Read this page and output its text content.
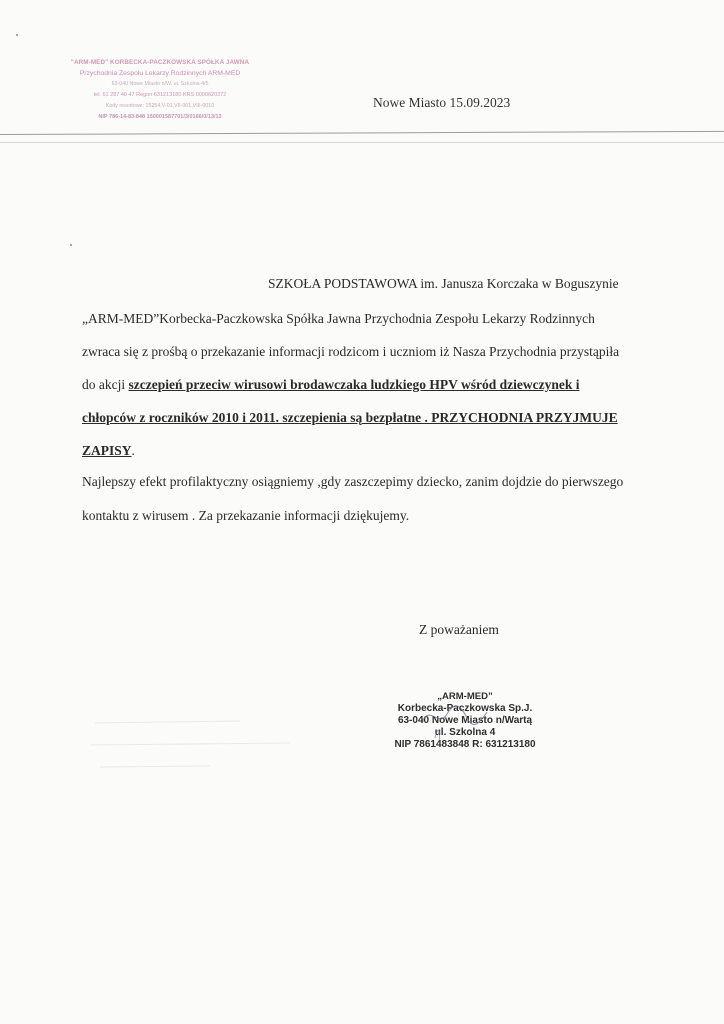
"ARM-MED" KORBECKA-PACZKOWSKA SPÓŁKA JAWNA
Przychodnia Zespołu Lekarzy Rodzinnych ARM-MED
63-040 Nowe Miasto n/W. ul. Szkolna 4/5
tel. 61 287 40 47 Regon 631213180 KRS 0000620372
Kody resortowe: 15254,V-01,VII-001,VIII-0010
NIP 786-14-83-848 150001587701/3/0166/0/13/13
Nowe Miasto 15.09.2023
SZKOŁA PODSTAWOWA im. Janusza Korczaka w Boguszynie
„ARM-MED”Korbecka-Paczkowska Spółka Jawna Przychodnia Zespołu Lekarzy Rodzinnych
zwraca się z prośbą o przekazanie informacji rodzicom i uczniom iż Nasza Przychodnia przystąpiła
do akcji szczepień przeciw wirusowi brodawczaka ludzkiego HPV wśród dziewczynek i
chłopców z roczników 2010 i 2011. szczepienia są bezpłatne . PRZYCHODNIA PRZYJMUJE
ZAPISY.
Najlepszy efekt profilaktyczny osiągniemy ,gdy zaszczepimy dziecko, zanim dojdzie do pierwszego
kontaktu z wirusem . Za przekazanie informacji dziękujemy.
Z poważaniem
„ARM-MED”
Korbecka-Paczkowska Sp.J.
63-040 Nowe Miasto n/Wartą
ul. Szkolna 4
NIP 7861483848 R: 631213180
